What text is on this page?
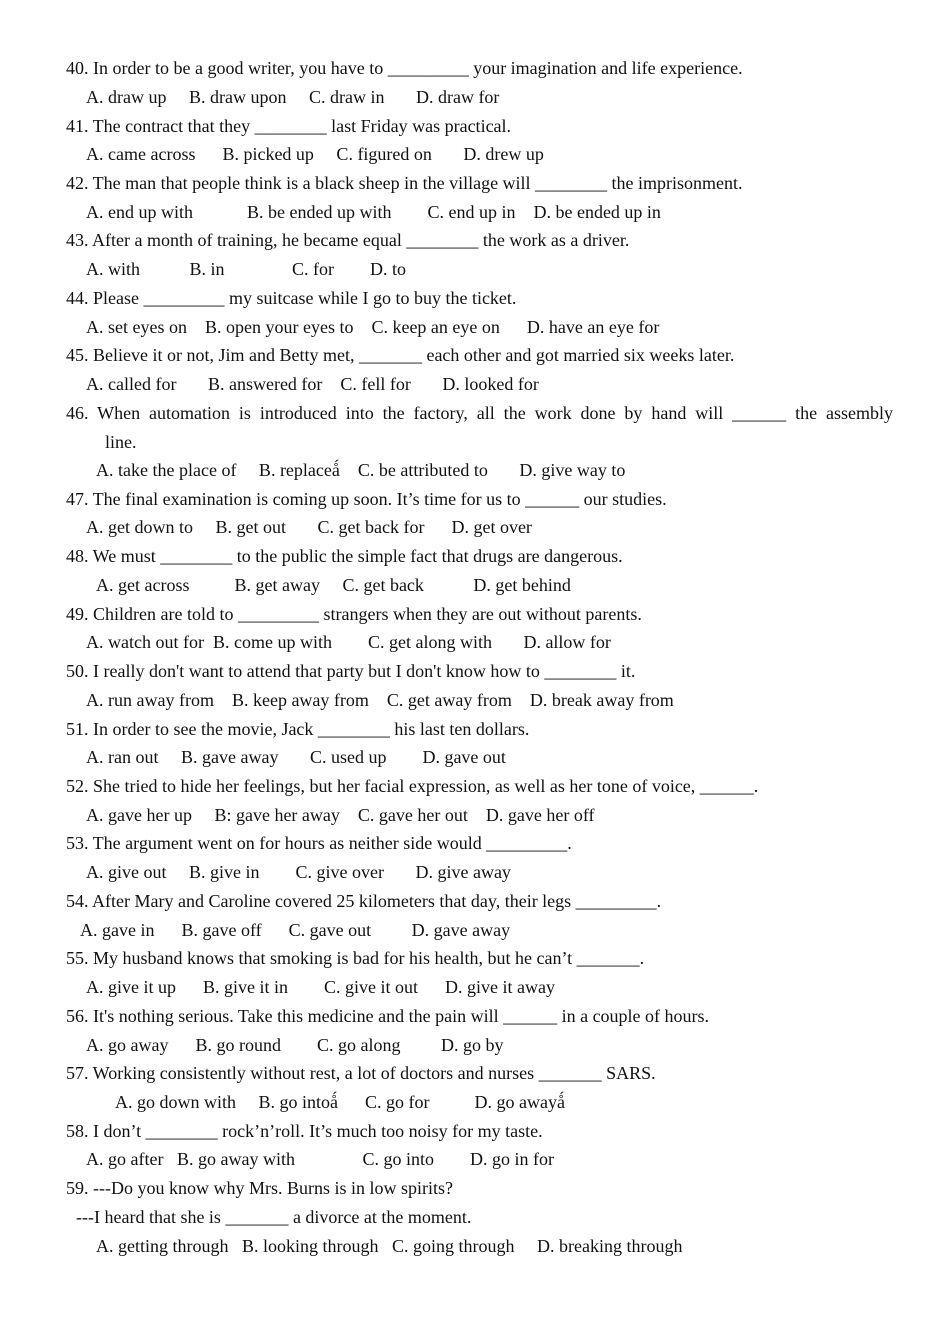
40. In order to be a good writer, you have to _________ your imagination and life experience.
A. draw up     B. draw upon     C. draw in       D. draw for
41. The contract that they ________ last Friday was practical.
A. came across      B. picked up     C. figured on       D. drew up
42. The man that people think is a black sheep in the village will ________ the imprisonment.
A. end up with            B. be ended up with        C. end up in    D. be ended up in
43. After a month of training, he became equal ________ the work as a driver.
A. with           B. in               C. for        D. to
44. Please _________ my suitcase while I go to buy the ticket.
A. set eyes on    B. open your eyes to    C. keep an eye on      D. have an eye for
45. Believe it or not, Jim and Betty met, _______ each other and got married six weeks later.
A. called for       B. answered for    C. fell for       D. looked for
46. When automation is introduced into the factory, all the work done by hand will ______ the assembly
line.
A. take the place of     B. replaceǻ    C. be attributed to       D. give way to
47. The final examination is coming up soon. It’s time for us to ______ our studies.
A. get down to     B. get out       C. get back for      D. get over
48. We must ________ to the public the simple fact that drugs are dangerous.
A. get across          B. get away     C. get back           D. get behind
49. Children are told to _________ strangers when they are out without parents.
A. watch out for  B. come up with        C. get along with       D. allow for
50. I really don't want to attend that party but I don't know how to ________ it.
A. run away from    B. keep away from    C. get away from    D. break away from
51. In order to see the movie, Jack ________ his last ten dollars.
A. ran out     B. gave away       C. used up        D. gave out
52. She tried to hide her feelings, but her facial expression, as well as her tone of voice, ______.
A. gave her up     B: gave her away    C. gave her out    D. gave her off
53. The argument went on for hours as neither side would _________.
A. give out     B. give in        C. give over       D. give away
54. After Mary and Caroline covered 25 kilometers that day, their legs _________.
A. gave in      B. gave off      C. gave out         D. gave away
55. My husband knows that smoking is bad for his health, but he can’t _______.
A. give it up      B. give it in        C. give it out      D. give it away
56. It's nothing serious. Take this medicine and the pain will ______ in a couple of hours.
A. go away      B. go round        C. go along         D. go by
57. Working consistently without rest, a lot of doctors and nurses _______ SARS.
A. go down with     B. go intoǻ      C. go for          D. go awayǻ
58. I don’t ________ rock’n’roll. It’s much too noisy for my taste.
A. go after   B. go away with               C. go into        D. go in for
59. ---Do you know why Mrs. Burns is in low spirits?
---I heard that she is _______ a divorce at the moment.
A. getting through   B. looking through   C. going through     D. breaking through
